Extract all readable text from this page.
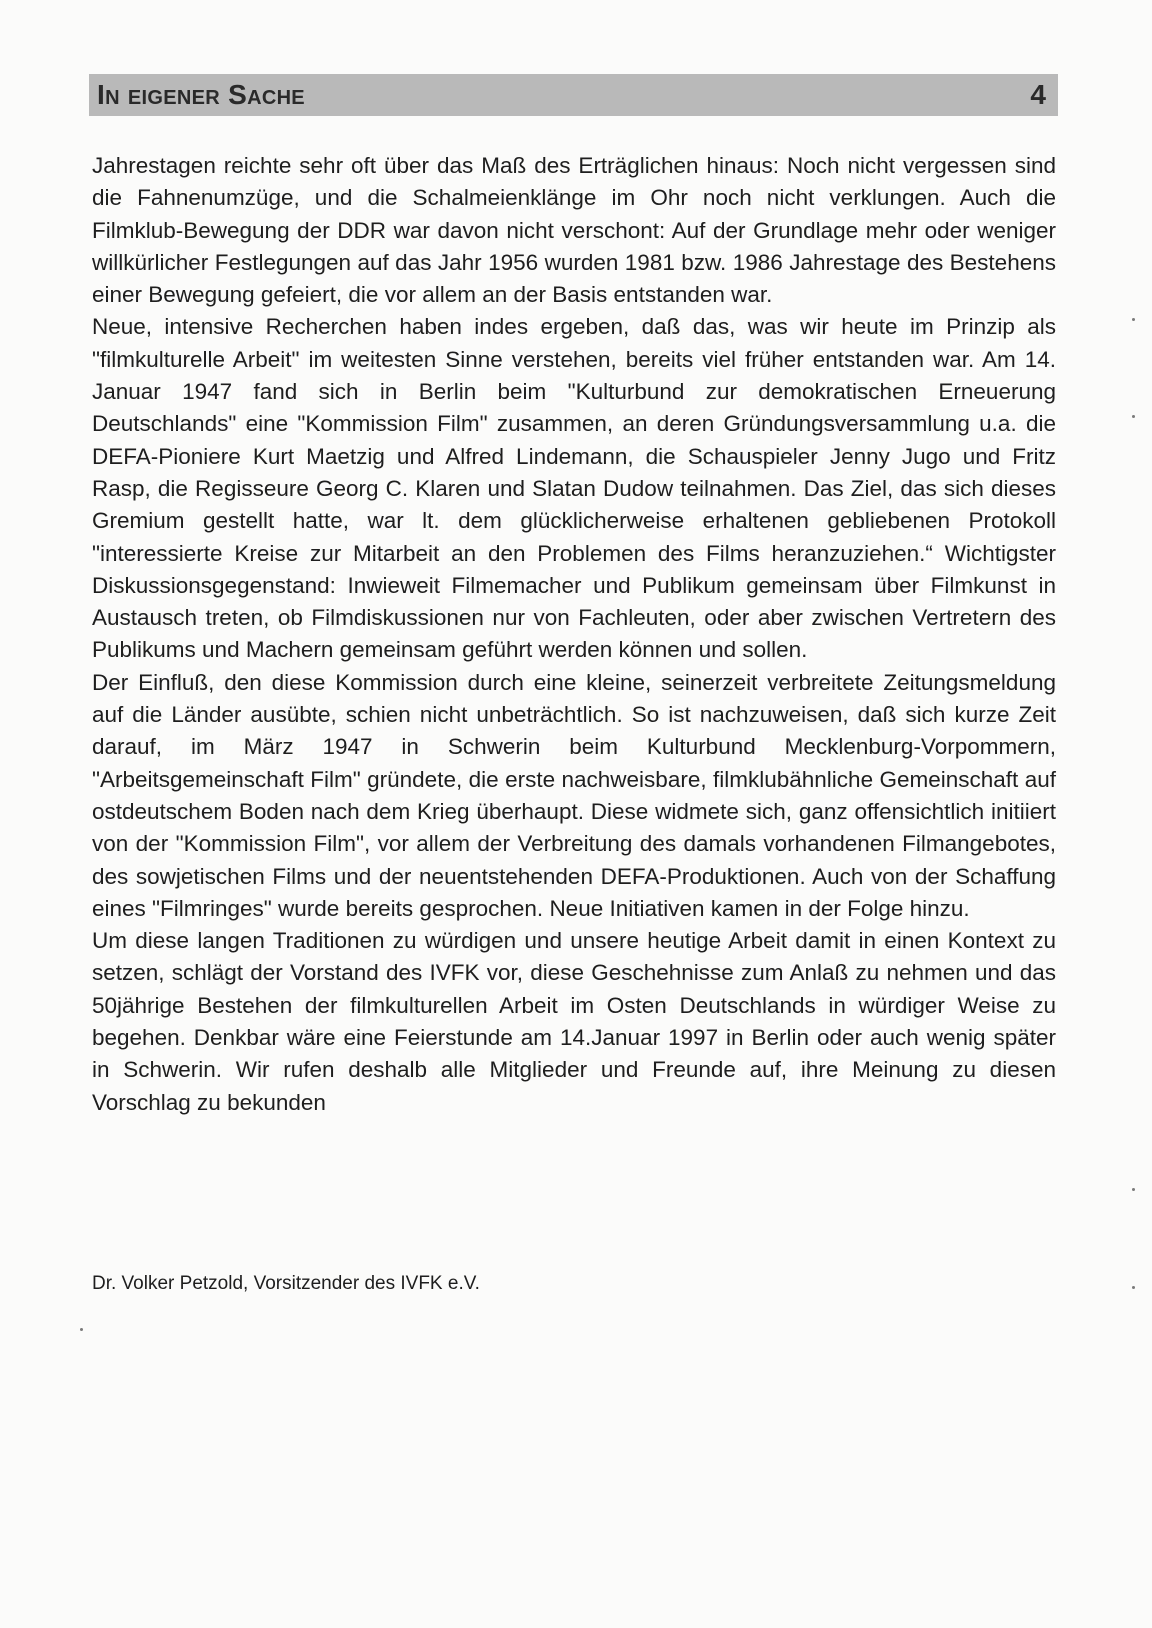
In eigener Sache	4

Jahrestagen reichte sehr oft über das Maß des Erträglichen hinaus: Noch nicht vergessen sind die Fahnenumzüge, und die Schalmeienklänge im Ohr noch nicht verklungen. Auch die Filmklub-Bewegung der DDR war davon nicht verschont: Auf der Grundlage mehr oder weniger willkürlicher Festlegungen auf das Jahr 1956 wurden 1981 bzw. 1986 Jahrestage des Bestehens einer Bewegung gefeiert, die vor allem an der Basis entstanden war.

Neue, intensive Recherchen haben indes ergeben, daß das, was wir heute im Prinzip als "filmkulturelle Arbeit" im weitesten Sinne verstehen, bereits viel früher entstanden war. Am 14. Januar 1947 fand sich in Berlin beim "Kulturbund zur demokratischen Erneuerung Deutschlands" eine "Kommission Film" zusammen, an deren Gründungsversammlung u.a. die DEFA-Pioniere Kurt Maetzig und Alfred Lindemann, die Schauspieler Jenny Jugo und Fritz Rasp, die Regisseure Georg C. Klaren und Slatan Dudow teilnahmen. Das Ziel, das sich dieses Gremium gestellt hatte, war lt. dem glücklicherweise erhaltenen gebliebenen Protokoll "interessierte Kreise zur Mitarbeit an den Problemen des Films heranzuziehen.“ Wichtigster Diskussionsgegenstand: Inwieweit Filmemacher und Publikum gemeinsam über Filmkunst in Austausch treten, ob Filmdiskussionen nur von Fachleuten, oder aber zwischen Vertretern des Publikums und Machern gemeinsam geführt werden können und sollen.

Der Einfluß, den diese Kommission durch eine kleine, seinerzeit verbreitete Zeitungsmeldung auf die Länder ausübte, schien nicht unbeträchtlich. So ist nachzuweisen, daß sich kurze Zeit darauf, im März 1947 in Schwerin beim Kulturbund Mecklenburg-Vorpommern, "Arbeitsgemeinschaft Film" gründete, die erste nachweisbare, filmklubähnliche Gemeinschaft auf ostdeutschem Boden nach dem Krieg überhaupt. Diese widmete sich, ganz offensichtlich initiiert von der "Kommission Film", vor allem der Verbreitung des damals vorhandenen Filmangebotes, des sowjetischen Films und der neuentstehenden DEFA-Produktionen. Auch von der Schaffung eines "Filmringes" wurde bereits gesprochen. Neue Initiativen kamen in der Folge hinzu.

Um diese langen Traditionen zu würdigen und unsere heutige Arbeit damit in einen Kontext zu setzen, schlägt der Vorstand des IVFK vor, diese Geschehnisse zum Anlaß zu nehmen und das 50jährige Bestehen der filmkulturellen Arbeit im Osten Deutschlands in würdiger Weise zu begehen. Denkbar wäre eine Feierstunde am 14.Januar 1997 in Berlin oder auch wenig später in Schwerin. Wir rufen deshalb alle Mitglieder und Freunde auf, ihre Meinung zu diesen Vorschlag zu bekunden

Dr. Volker Petzold, Vorsitzender des IVFK e.V.
